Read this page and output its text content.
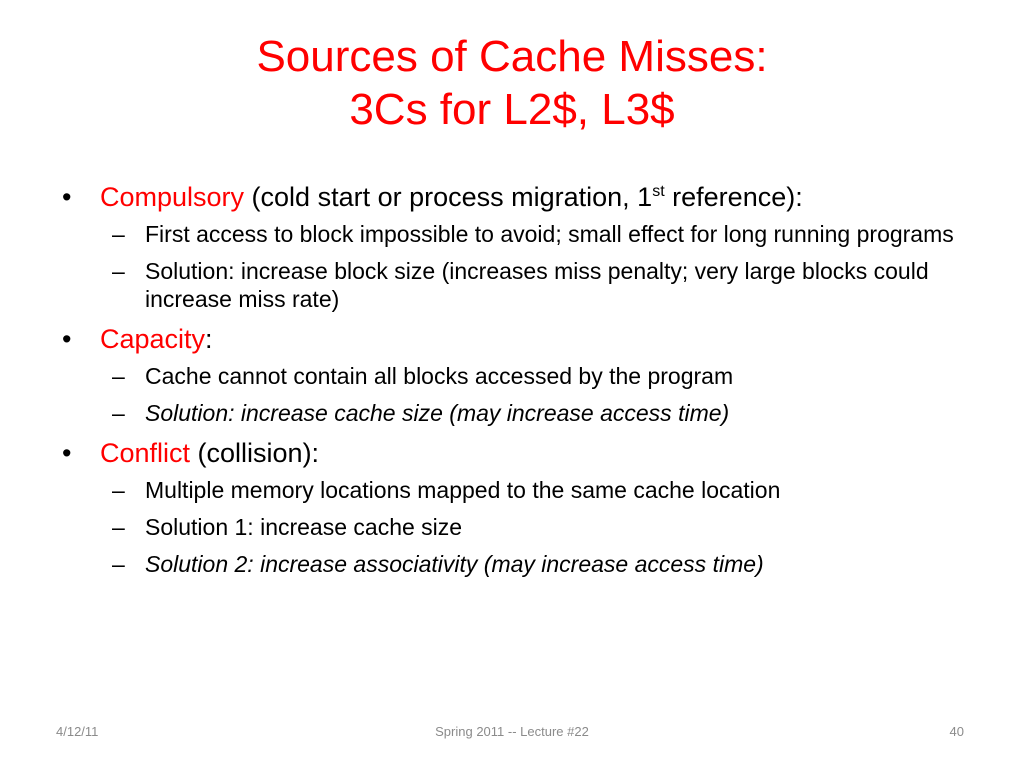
Sources of Cache Misses:
3Cs for L2$, L3$
• Compulsory (cold start or process migration, 1st reference):
– First access to block impossible to avoid; small effect for long running programs
– Solution: increase block size (increases miss penalty; very large blocks could increase miss rate)
• Capacity:
– Cache cannot contain all blocks accessed by the program
– Solution: increase cache size (may increase access time)
• Conflict (collision):
– Multiple memory locations mapped to the same cache location
– Solution 1: increase cache size
– Solution 2: increase associativity (may increase access time)
4/12/11	Spring 2011 -- Lecture #22	40
